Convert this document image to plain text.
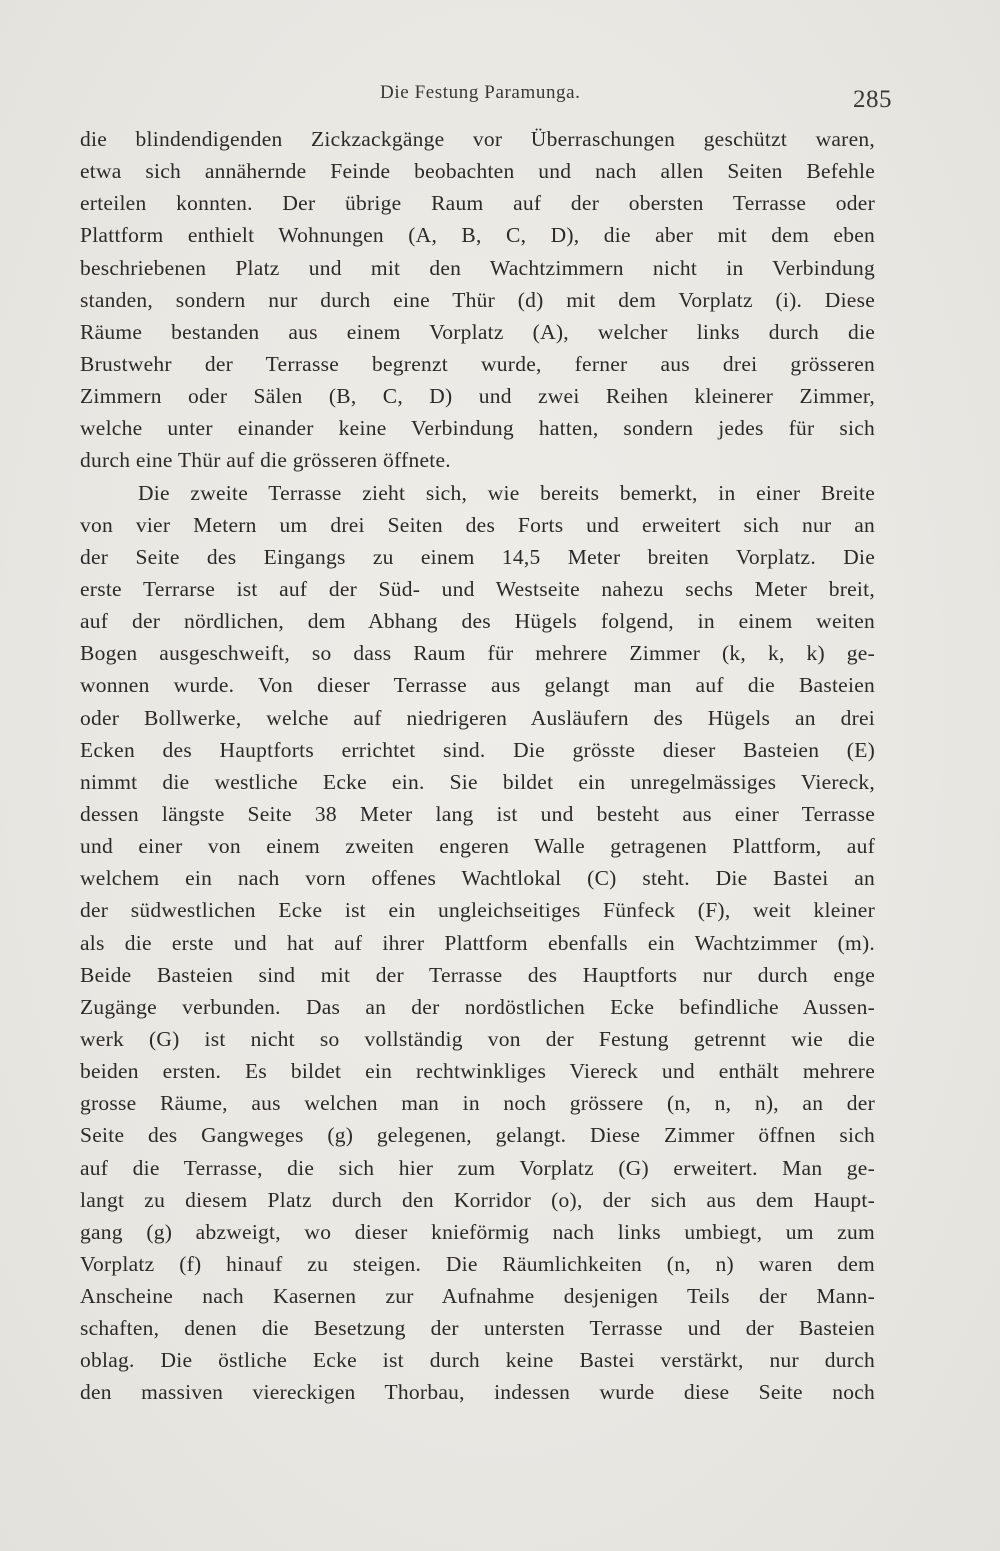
Die Festung Paramunga.	285
die blindendigenden Zickzackgänge vor Überraschungen geschützt waren,
etwa sich annähernde Feinde beobachten und nach allen Seiten Befehle
erteilen konnten. Der übrige Raum auf der obersten Terrasse oder
Plattform enthielt Wohnungen (A, B, C, D), die aber mit dem eben
beschriebenen Platz und mit den Wachtzimmern nicht in Verbindung
standen, sondern nur durch eine Thür (d) mit dem Vorplatz (i). Diese
Räume bestanden aus einem Vorplatz (A), welcher links durch die
Brustwehr der Terrasse begrenzt wurde, ferner aus drei grösseren
Zimmern oder Sälen (B, C, D) und zwei Reihen kleinerer Zimmer,
welche unter einander keine Verbindung hatten, sondern jedes für sich
durch eine Thür auf die grösseren öffnete.
Die zweite Terrasse zieht sich, wie bereits bemerkt, in einer Breite
von vier Metern um drei Seiten des Forts und erweitert sich nur an
der Seite des Eingangs zu einem 14,5 Meter breiten Vorplatz. Die
erste Terrarse ist auf der Süd- und Westseite nahezu sechs Meter breit,
auf der nördlichen, dem Abhang des Hügels folgend, in einem weiten
Bogen ausgeschweift, so dass Raum für mehrere Zimmer (k, k, k) ge-
wonnen wurde. Von dieser Terrasse aus gelangt man auf die Basteien
oder Bollwerke, welche auf niedrigeren Ausläufern des Hügels an drei
Ecken des Hauptforts errichtet sind. Die grösste dieser Basteien (E)
nimmt die westliche Ecke ein. Sie bildet ein unregelmässiges Viereck,
dessen längste Seite 38 Meter lang ist und besteht aus einer Terrasse
und einer von einem zweiten engeren Walle getragenen Plattform, auf
welchem ein nach vorn offenes Wachtlokal (C) steht. Die Bastei an
der südwestlichen Ecke ist ein ungleichseitiges Fünfeck (F), weit kleiner
als die erste und hat auf ihrer Plattform ebenfalls ein Wachtzimmer (m).
Beide Basteien sind mit der Terrasse des Hauptforts nur durch enge
Zugänge verbunden. Das an der nordöstlichen Ecke befindliche Aussen-
werk (G) ist nicht so vollständig von der Festung getrennt wie die
beiden ersten. Es bildet ein rechtwinkliges Viereck und enthält mehrere
grosse Räume, aus welchen man in noch grössere (n, n, n), an der
Seite des Gangweges (g) gelegenen, gelangt. Diese Zimmer öffnen sich
auf die Terrasse, die sich hier zum Vorplatz (G) erweitert. Man ge-
langt zu diesem Platz durch den Korridor (o), der sich aus dem Haupt-
gang (g) abzweigt, wo dieser knieförmig nach links umbiegt, um zum
Vorplatz (f) hinauf zu steigen. Die Räumlichkeiten (n, n) waren dem
Anscheine nach Kasernen zur Aufnahme desjenigen Teils der Mann-
schaften, denen die Besetzung der untersten Terrasse und der Basteien
oblag. Die östliche Ecke ist durch keine Bastei verstärkt, nur durch
den massiven viereckigen Thorbau, indessen wurde diese Seite noch
